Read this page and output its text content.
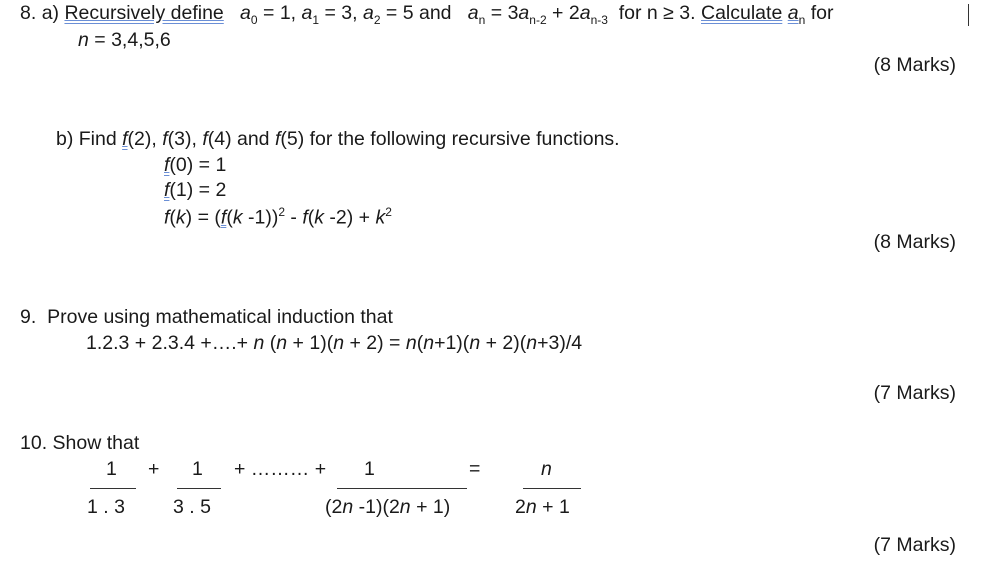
8. a) Recursively define $a_0 = 1$, $a_1 = 3$, $a_2 = 5$ and $a_n = 3a_{n-2} + 2a_{n-3}$ for n ≥ 3. Calculate $a_n$ for
n = 3,4,5,6
(8 Marks)
b) Find f(2), f(3), f(4) and f(5) for the following recursive functions.
f(0) = 1
f(1) = 2
f(k) = (f(k -1))$^2$ - f(k $-2) + k^2$
(8 Marks)
9. Prove using mathematical induction that
1.2.3 + 2.3.4 +….+ n (n + 1)(n + 2) = n(n+1)(n + 2)(n+3)/4
(7 Marks)
10. Show that
1
1 . 3
+ 1
3 . 5
+ ……… + 1
(2n -1)(2n + 1)
=	n
2n + 1
(7 Marks)
